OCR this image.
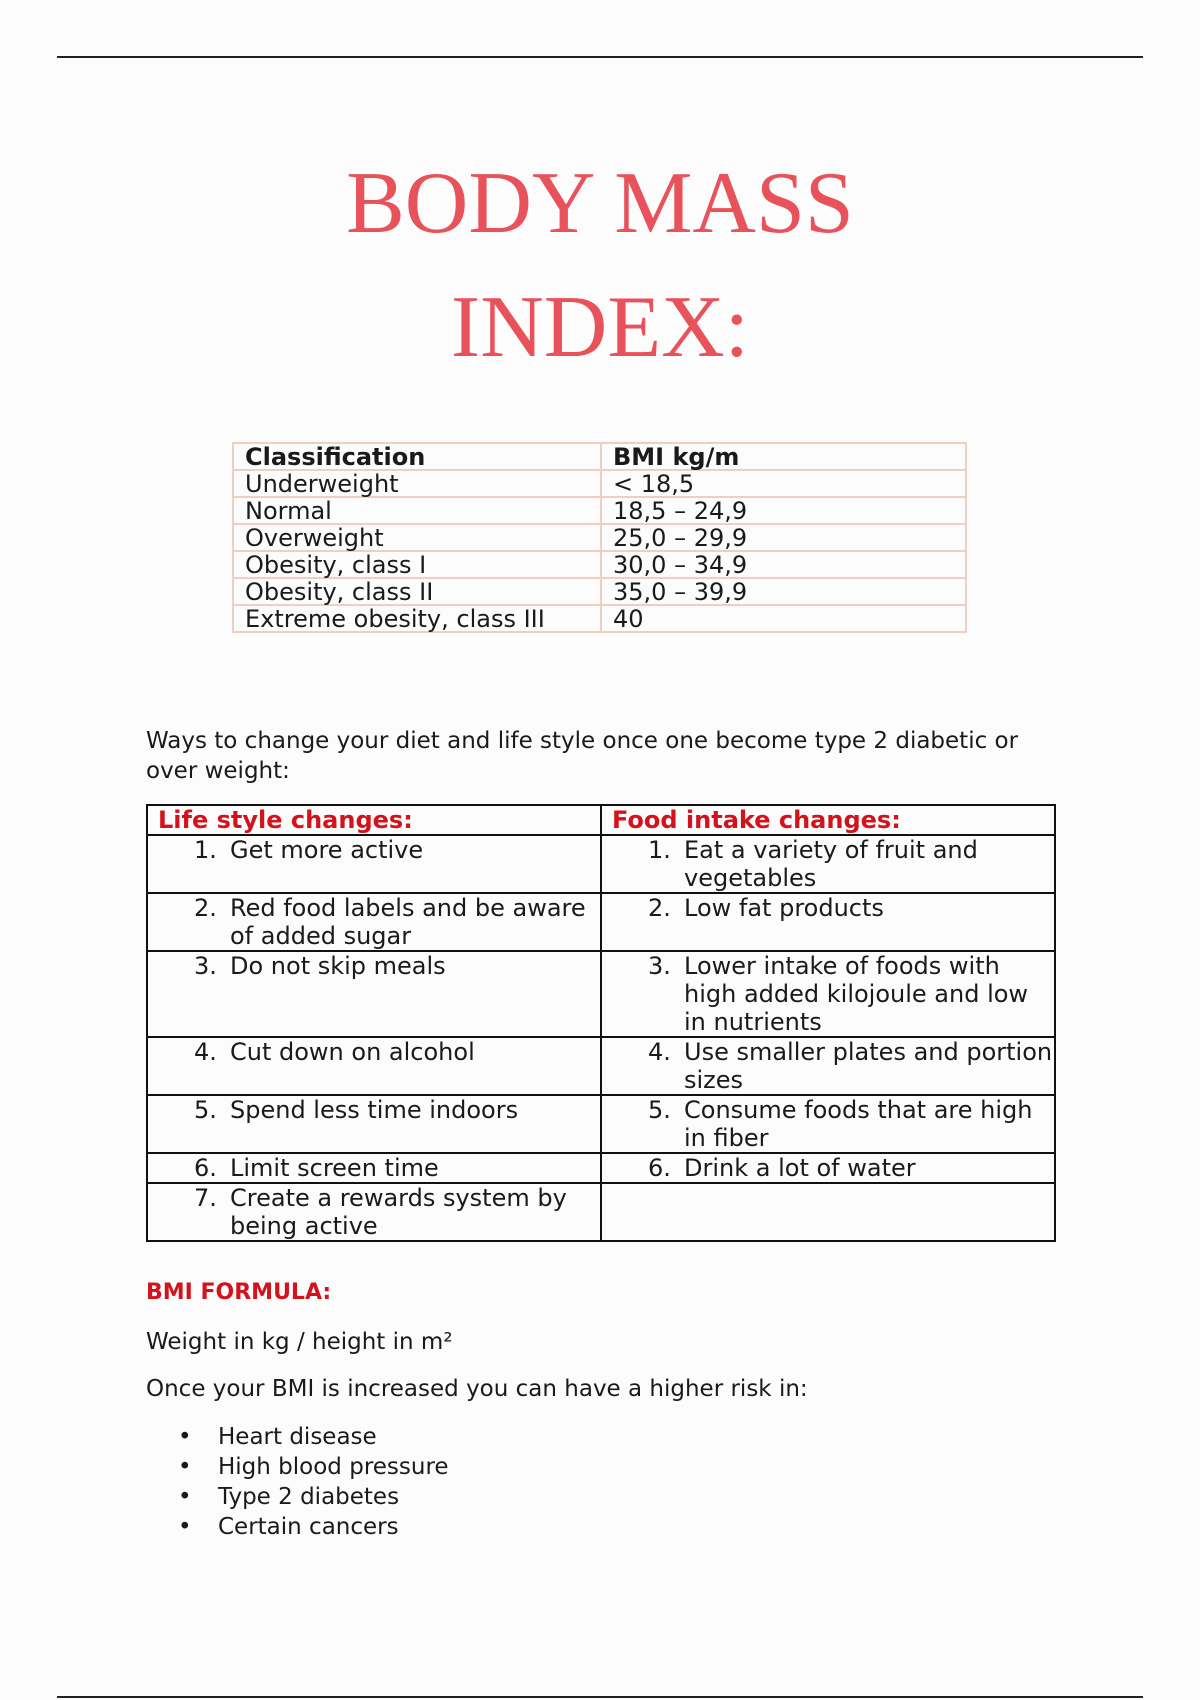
BODY MASS
INDEX:
Classification	BMI kg/m
Underweight	< 18,5
Normal	18,5 – 24,9
Overweight	25,0 – 29,9
Obesity, class I	30,0 – 34,9
Obesity, class II	35,0 – 39,9
Extreme obesity, class III	40

Ways to change your diet and life style once one become type 2 diabetic or over weight:

Life style changes:	Food intake changes:

1. Get more active	1. Eat a variety of fruit and vegetables

2. Red food labels and be aware of added sugar	2. Low fat products

3. Do not skip meals	3. Lower intake of foods with high added kilojoule and low in nutrients

4. Cut down on alcohol	4. Use smaller plates and portion sizes

5. Spend less time indoors	5. Consume foods that are high in fiber

6. Limit screen time	6. Drink a lot of water

7. Create a rewards system by being active	

BMI FORMULA:

Weight in kg / height in m²

Once your BMI is increased you can have a higher risk in:

•	Heart disease
•	High blood pressure
•	Type 2 diabetes
•	Certain cancers
